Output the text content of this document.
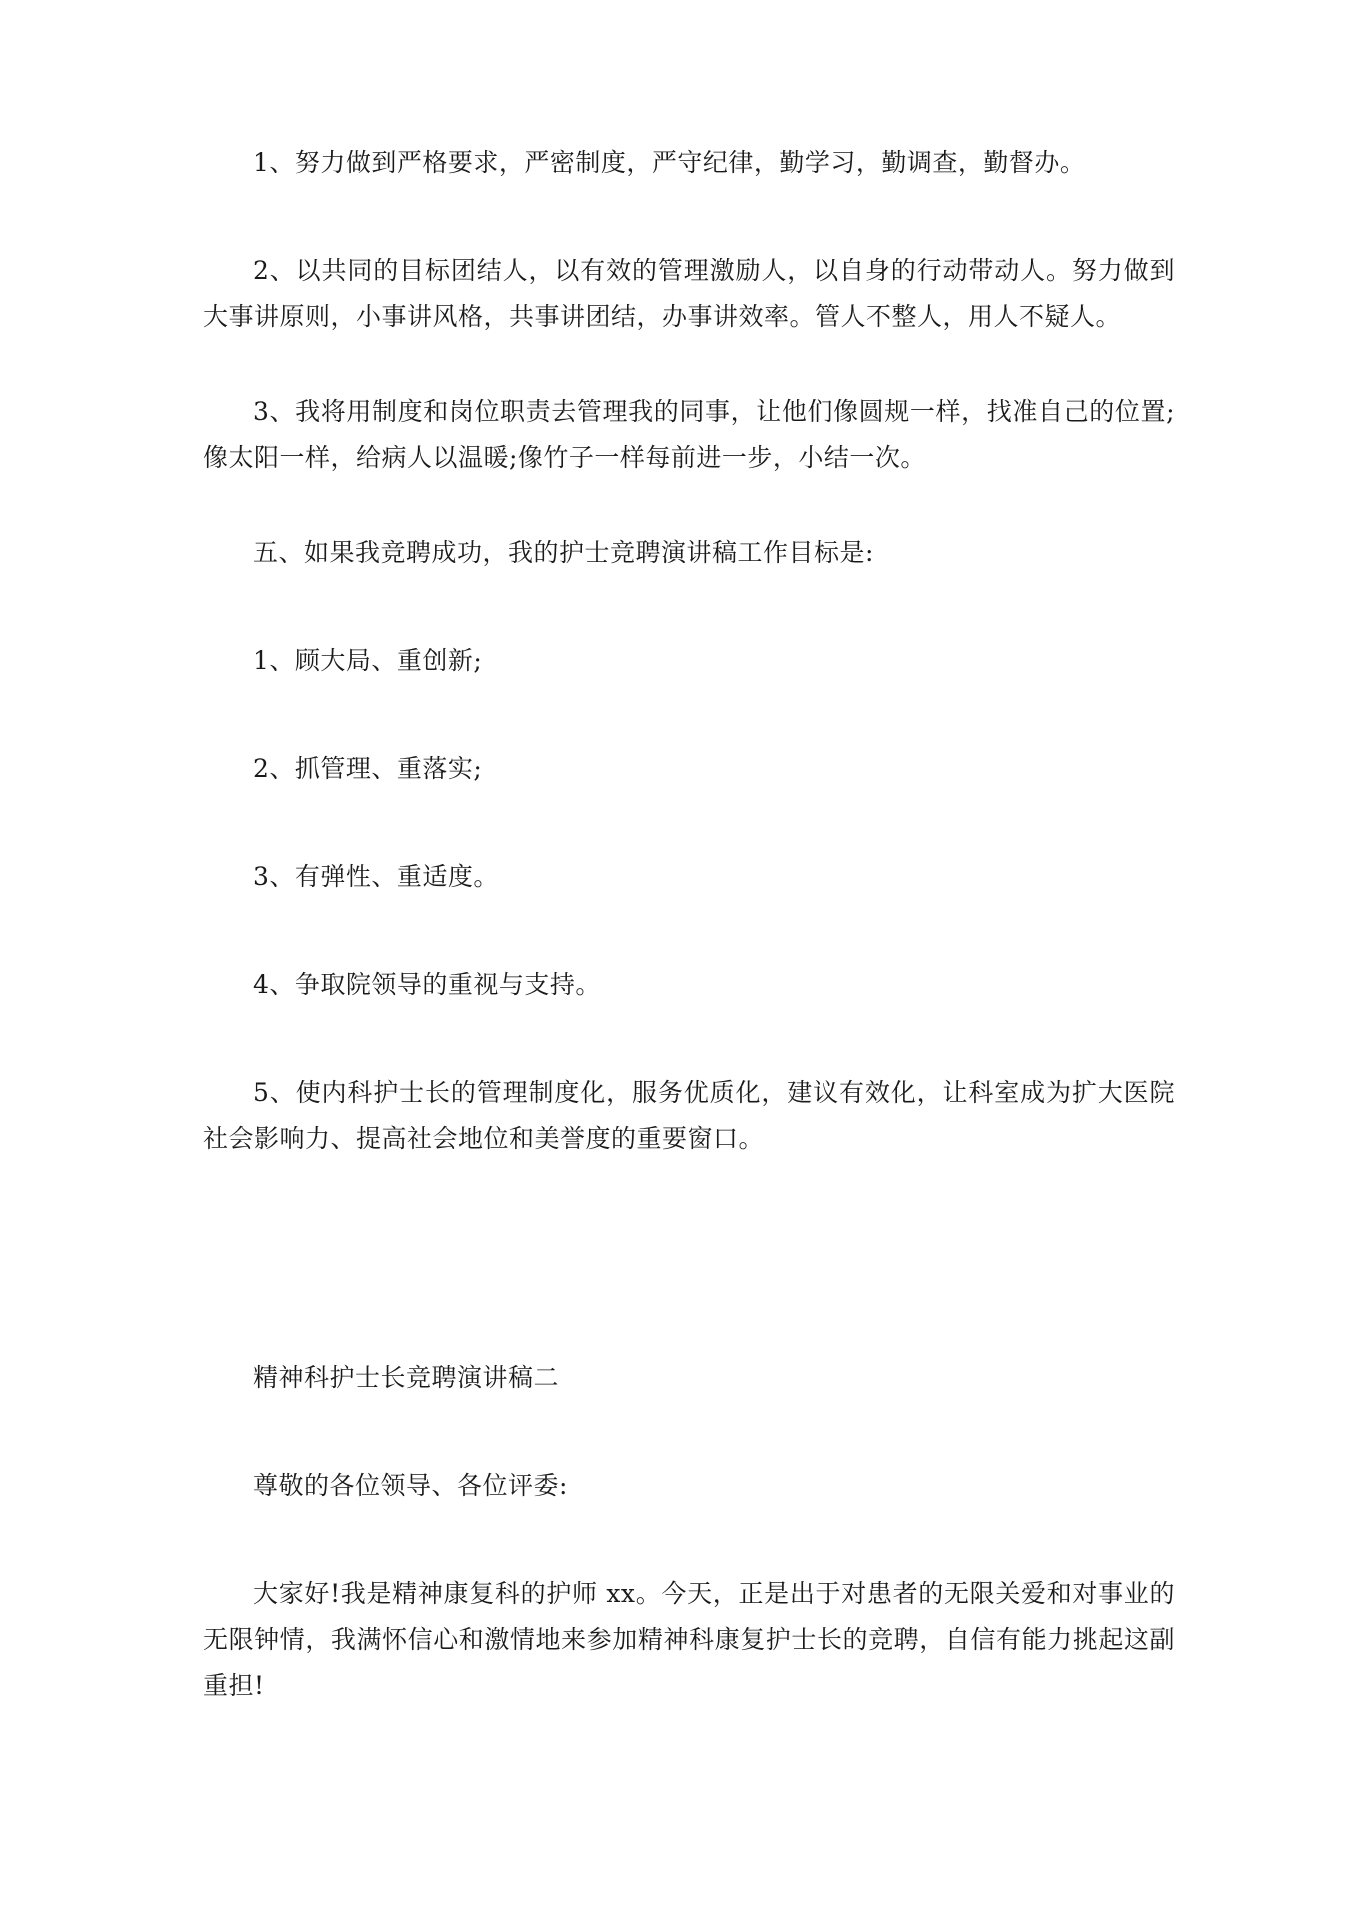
1、努力做到严格要求，严密制度，严守纪律，勤学习，勤调查，勤督办。

2、以共同的目标团结人，以有效的管理激励人，以自身的行动带动人。努力做到大事讲原则，小事讲风格，共事讲团结，办事讲效率。管人不整人，用人不疑人。

3、我将用制度和岗位职责去管理我的同事，让他们像圆规一样，找准自己的位置;像太阳一样，给病人以温暖;像竹子一样每前进一步，小结一次。

五、如果我竞聘成功，我的护士竞聘演讲稿工作目标是:

1、顾大局、重创新;

2、抓管理、重落实;

3、有弹性、重适度。

4、争取院领导的重视与支持。

5、使内科护士长的管理制度化，服务优质化，建议有效化，让科室成为扩大医院社会影响力、提高社会地位和美誉度的重要窗口。

精神科护士长竞聘演讲稿二

尊敬的各位领导、各位评委:

大家好!我是精神康复科的护师 xx。今天，正是出于对患者的无限关爱和对事业的无限钟情，我满怀信心和激情地来参加精神科康复护士长的竞聘，自信有能力挑起这副重担!
